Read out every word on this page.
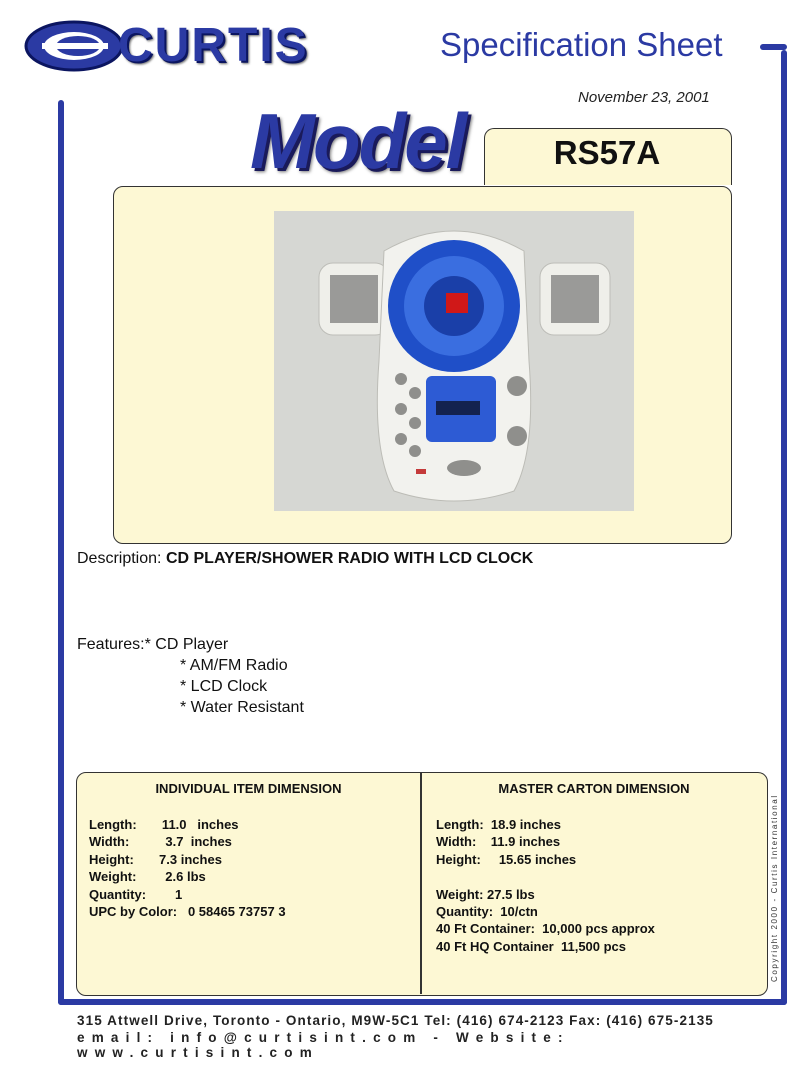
CURTIS	Specification Sheet
November 23, 2001
Model	RS57A
Description: CD PLAYER/SHOWER RADIO WITH LCD CLOCK
Features:* CD Player
* AM/FM Radio
* LCD Clock
* Water Resistant
INDIVIDUAL ITEM DIMENSION
Length:       11.0   inches
Width:          3.7  inches
Height:       7.3 inches
Weight:        2.6 lbs
Quantity:        1
UPC by Color:   0 58465 73757 3
MASTER CARTON DIMENSION
Length:  18.9 inches
Width:    11.9 inches
Height:     15.65 inches
Weight: 27.5 lbs
Quantity:  10/ctn
40 Ft Container:  10,000 pcs approx
40 Ft HQ Container  11,500 pcs	Copyright 2000 - Curtis International
315 Attwell Drive, Toronto - Ontario, M9W-5C1 Tel: (416) 674-2123 Fax: (416) 675-2135
email: info@curtisint.com - Website: www.curtisint.com
